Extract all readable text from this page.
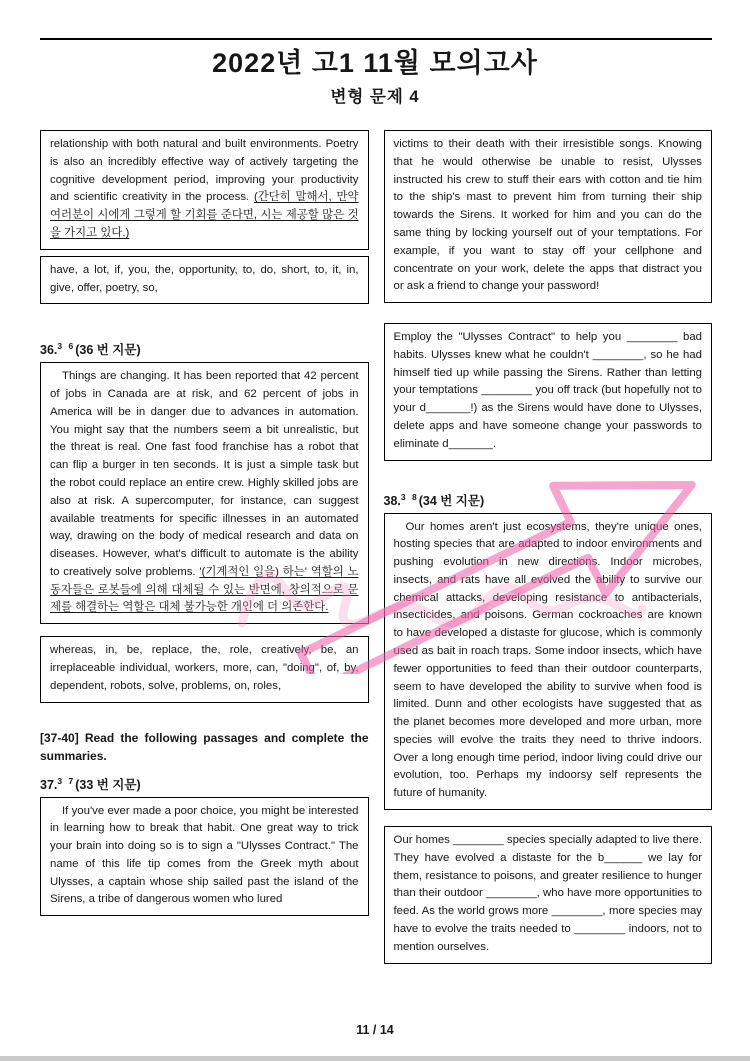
2022년 고1 11월 모의고사
변형 문제 4
relationship with both natural and built environments. Poetry is also an incredibly effective way of actively targeting the cognitive development period, improving your productivity and scientific creativity in the process. (간단히 말해서, 만약 여러분이 시에게 그렇게 할 기회를 준다면, 시는 제공할 많은 것을 가지고 있다.)
have, a lot, if, you, the, opportunity, to, do, short, to, it, in, give, offer, poetry, so,
36.$^{3 6}$(36 번 지문)
Things are changing. It has been reported that 42 percent of jobs in Canada are at risk, and 62 percent of jobs in America will be in danger due to advances in automation. You might say that the numbers seem a bit unrealistic, but the threat is real. One fast food franchise has a robot that can flip a burger in ten seconds. It is just a simple task but the robot could replace an entire crew. Highly skilled jobs are also at risk. A supercomputer, for instance, can suggest available treatments for specific illnesses in an automated way, drawing on the body of medical research and data on diseases. However, what's difficult to automate is the ability to creatively solve problems. '(기계적인 일을) 하는' 역할의 노동자들은 로봇들에 의해 대체될 수 있는 반면에, 창의적으로 문제를 해결하는 역할은 대체 불가능한 개인에 더 의존한다.
whereas, in, be, replace, the, role, creatively, be, an irreplaceable individual, workers, more, can, "doing", of, by, dependent, robots, solve, problems, on, roles,
[37-40] Read the following passages and complete the summaries.
37.$^{3 7}$(33 번 지문)
If you've ever made a poor choice, you might be interested in learning how to break that habit. One great way to trick your brain into doing so is to sign a "Ulysses Contract." The name of this life tip comes from the Greek myth about Ulysses, a captain whose ship sailed past the island of the Sirens, a tribe of dangerous women who lured
victims to their death with their irresistible songs. Knowing that he would otherwise be unable to resist, Ulysses instructed his crew to stuff their ears with cotton and tie him to the ship's mast to prevent him from turning their ship towards the Sirens. It worked for him and you can do the same thing by locking yourself out of your temptations. For example, if you want to stay off your cellphone and concentrate on your work, delete the apps that distract you or ask a friend to change your password!
Employ the "Ulysses Contract" to help you ________ bad habits. Ulysses knew what he couldn't ________, so he had himself tied up while passing the Sirens. Rather than letting your temptations ________ you off track (but hopefully not to your d_______!) as the Sirens would have done to Ulysses, delete apps and have someone change your passwords to eliminate d_______.
38.$^{3 8}$(34 번 지문)
Our homes aren't just ecosystems, they're unique ones, hosting species that are adapted to indoor environments and pushing evolution in new directions. Indoor microbes, insects, and rats have all evolved the ability to survive our chemical attacks, developing resistance to antibacterials, insecticides, and poisons. German cockroaches are known to have developed a distaste for glucose, which is commonly used as bait in roach traps. Some indoor insects, which have fewer opportunities to feed than their outdoor counterparts, seem to have developed the ability to survive when food is limited. Dunn and other ecologists have suggested that as the planet becomes more developed and more urban, more species will evolve the traits they need to thrive indoors. Over a long enough time period, indoor living could drive our evolution, too. Perhaps my indoorsy self represents the future of humanity.
Our homes ________ species specially adapted to live there. They have evolved a distaste for the b______ we lay for them, resistance to poisons, and greater resilience to hunger than their outdoor ________, who have more opportunities to feed. As the world grows more ________, more species may have to evolve the traits needed to ________ indoors, not to mention ourselves.
11 / 14
